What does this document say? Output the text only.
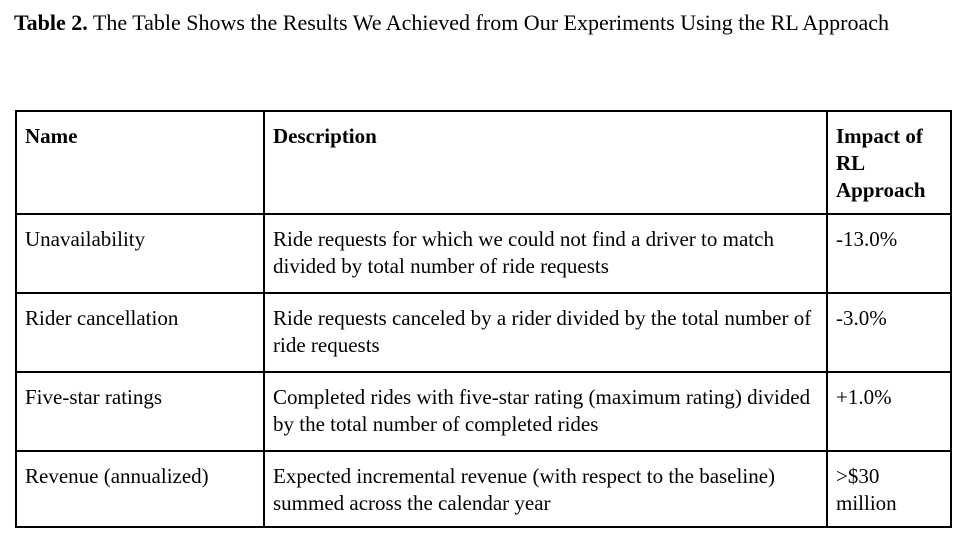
Table 2. The Table Shows the Results We Achieved from Our Experiments Using the RL Approach
Name	Description	Impact of RL Approach
Unavailability	Ride requests for which we could not find a driver to match divided by total number of ride requests	-13.0%
Rider cancellation	Ride requests canceled by a rider divided by the total number of ride requests	-3.0%
Five-star ratings	Completed rides with five-star rating (maximum rating) divided by the total number of completed rides	+1.0%
Revenue (annualized)	Expected incremental revenue (with respect to the baseline) summed across the calendar year	>$30 million
